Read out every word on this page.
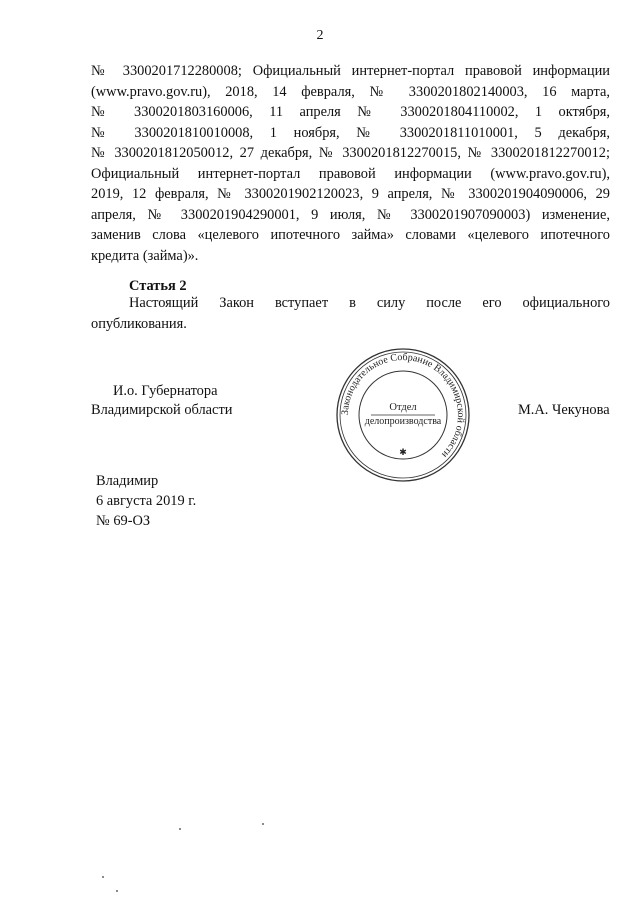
2
№ 3300201712280008; Официальный интернет-портал правовой информации
(www.pravo.gov.ru), 2018, 14 февраля, № 3300201802140003, 16 марта,
№ 3300201803160006, 11 апреля № 3300201804110002, 1 октября,
№ 3300201810010008, 1 ноября, № 3300201811010001, 5 декабря,
№ 3300201812050012, 27 декабря, № 3300201812270015, № 3300201812270012;
Официальный интернет-портал правовой информации (www.pravo.gov.ru),
2019, 12 февраля, № 3300201902120023, 9 апреля, № 3300201904090006, 29
апреля, № 3300201904290001, 9 июля, № 3300201907090003) изменение,
заменив слова «целевого ипотечного займа» словами «целевого ипотечного
кредита (займа)».
Статья 2
Настоящий Закон вступает в силу после его официального
опубликования.
И.о. Губернатора
Владимирской области	М.А. Чекунова
Законодательное Собрание Владимирской области
Отдел
делопроизводства
✱
Владимир
6 августа 2019 г.
№ 69-ОЗ
